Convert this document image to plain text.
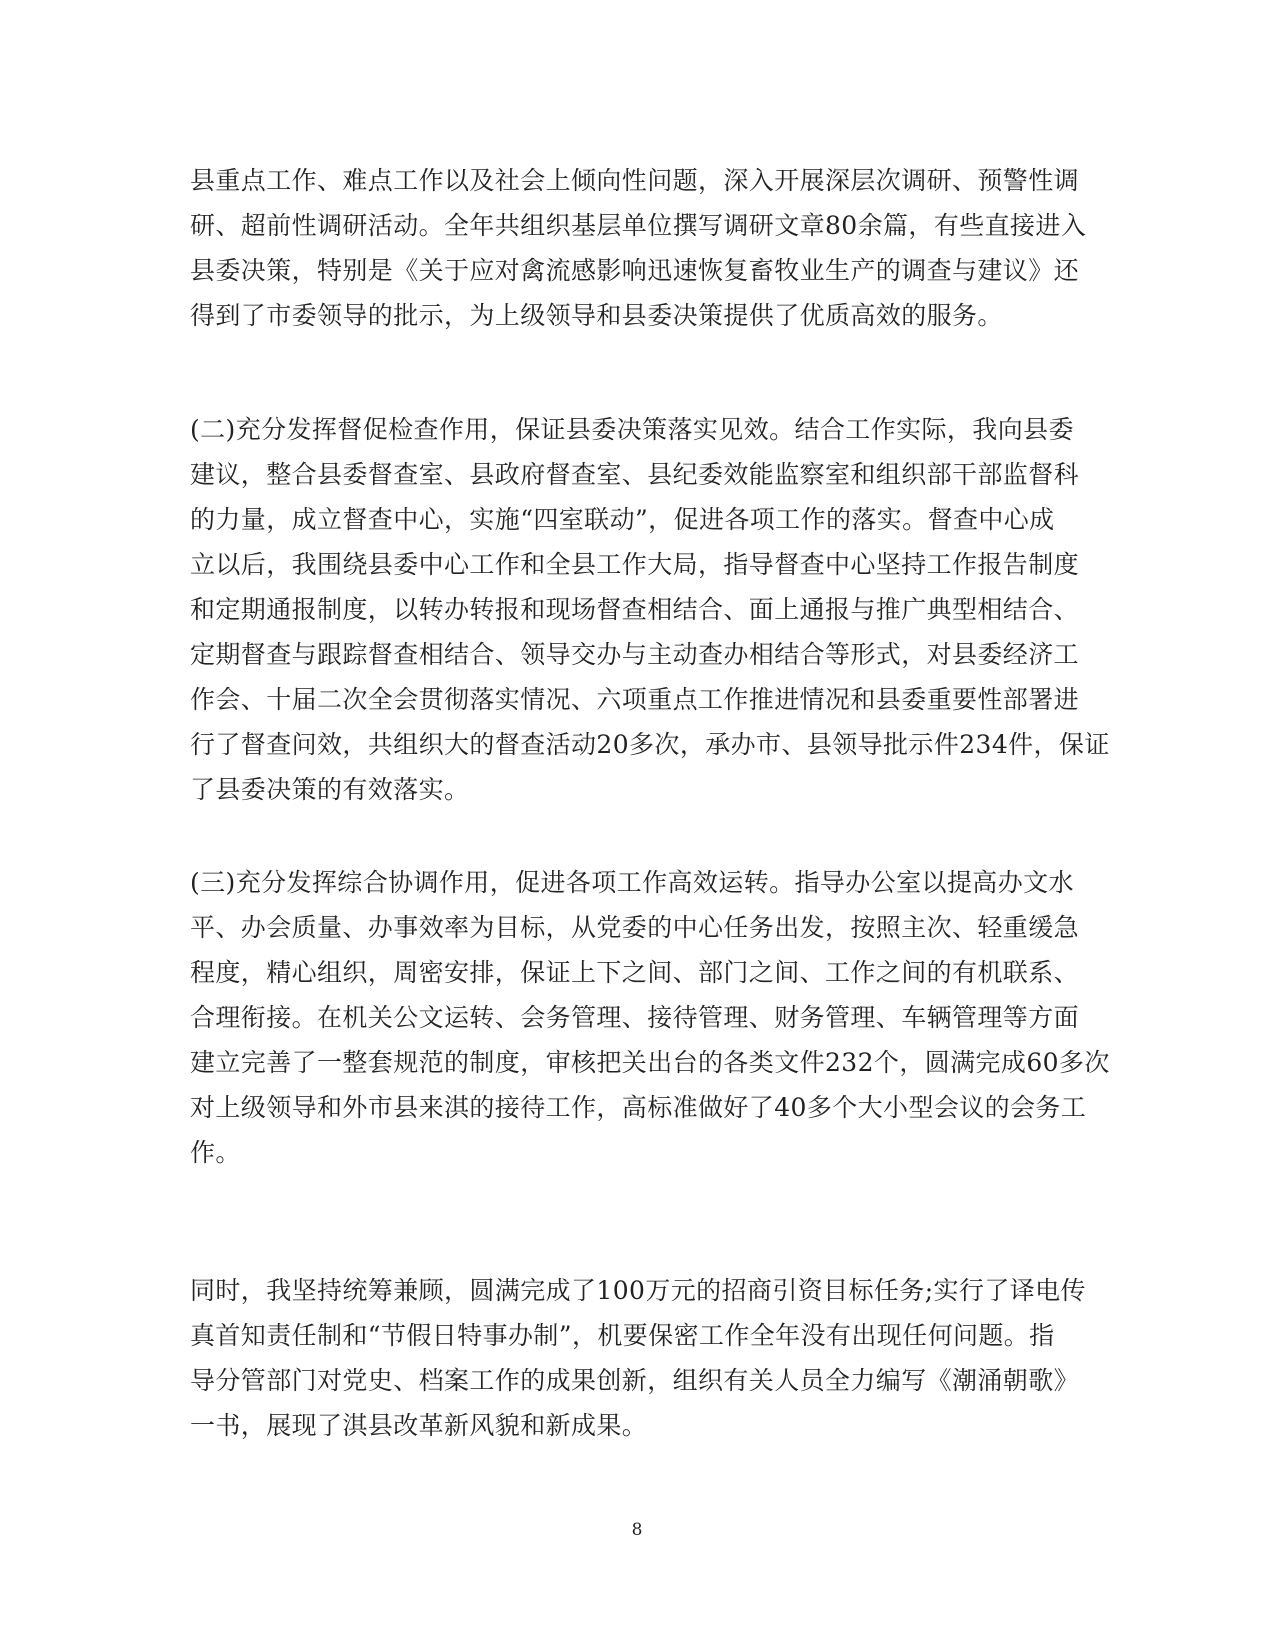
县重点工作、难点工作以及社会上倾向性问题，深入开展深层次调研、预警性调
研、超前性调研活动。全年共组织基层单位撰写调研文章80余篇，有些直接进入
县委决策，特别是《关于应对禽流感影响迅速恢复畜牧业生产的调查与建议》还
得到了市委领导的批示，为上级领导和县委决策提供了优质高效的服务。
(二)充分发挥督促检查作用，保证县委决策落实见效。结合工作实际，我向县委
建议，整合县委督查室、县政府督查室、县纪委效能监察室和组织部干部监督科
的力量，成立督查中心，实施“四室联动”，促进各项工作的落实。督查中心成
立以后，我围绕县委中心工作和全县工作大局，指导督查中心坚持工作报告制度
和定期通报制度，以转办转报和现场督查相结合、面上通报与推广典型相结合、
定期督查与跟踪督查相结合、领导交办与主动查办相结合等形式，对县委经济工
作会、十届二次全会贯彻落实情况、六项重点工作推进情况和县委重要性部署进
行了督查问效，共组织大的督查活动20多次，承办市、县领导批示件234件，保证
了县委决策的有效落实。
(三)充分发挥综合协调作用，促进各项工作高效运转。指导办公室以提高办文水
平、办会质量、办事效率为目标，从党委的中心任务出发，按照主次、轻重缓急
程度，精心组织，周密安排，保证上下之间、部门之间、工作之间的有机联系、
合理衔接。在机关公文运转、会务管理、接待管理、财务管理、车辆管理等方面
建立完善了一整套规范的制度，审核把关出台的各类文件232个，圆满完成60多次
对上级领导和外市县来淇的接待工作，高标准做好了40多个大小型会议的会务工
作。
同时，我坚持统筹兼顾，圆满完成了100万元的招商引资目标任务;实行了译电传
真首知责任制和“节假日特事办制”，机要保密工作全年没有出现任何问题。指
导分管部门对党史、档案工作的成果创新，组织有关人员全力编写《潮涌朝歌》
一书，展现了淇县改革新风貌和新成果。
8
